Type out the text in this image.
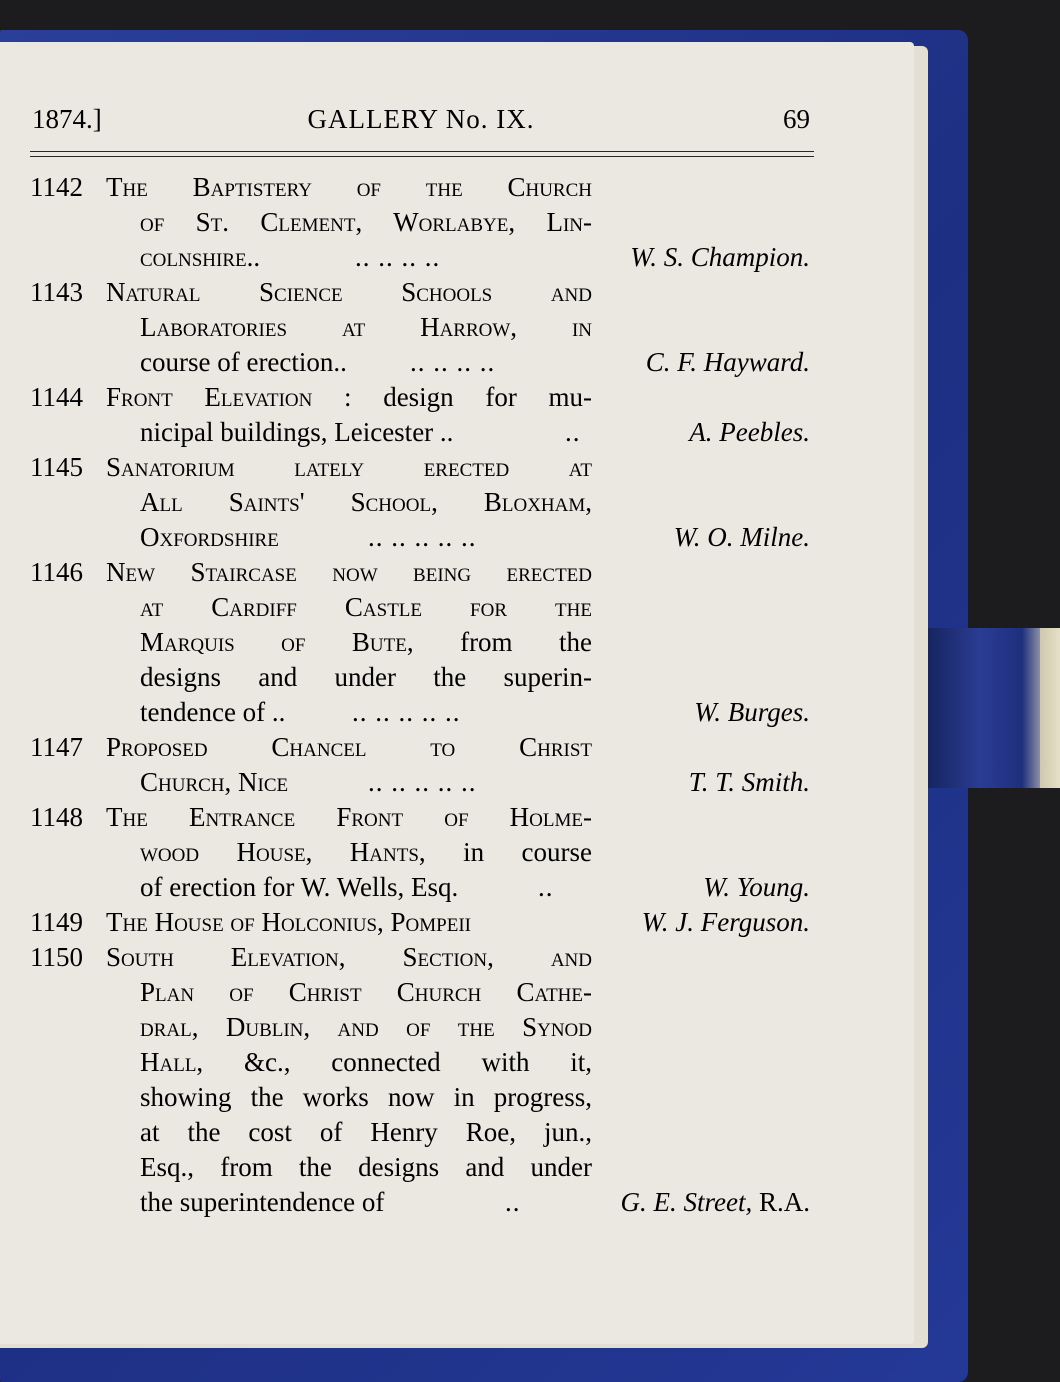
1874.]	GALLERY No. IX.	69
1142 The Baptistery of the Church
of St. Clement, Worlabye, Lin-
colnshire..	.. .. .. ..	W. S. Champion.
1143 Natural Science Schools and
Laboratories at Harrow, in
course of erection..	.. .. .. ..	C. F. Hayward.
1144 Front Elevation : design for mu-
nicipal buildings, Leicester ..	..	A. Peebles.
1145 Sanatorium lately erected at
All Saints' School, Bloxham,
Oxfordshire	.. .. .. .. ..	W. O. Milne.
1146 New Staircase now being erected
at Cardiff Castle for the
Marquis of Bute, from the
designs and under the superin-
tendence of ..	.. .. .. .. ..	W. Burges.
1147 Proposed Chancel to Christ
Church, Nice	.. .. .. .. ..	T. T. Smith.
1148 The Entrance Front of Holme-
wood House, Hants, in course
of erection for W. Wells, Esq.	..	W. Young.
1149 The House of Holconius, Pompeii	W. J. Ferguson.
1150 South Elevation, Section, and
Plan of Christ Church Cathe-
dral, Dublin, and of the Synod
Hall, &c., connected with it,
showing the works now in progress,
at the cost of Henry Roe, jun.,
Esq., from the designs and under
the superintendence of	..	G. E. Street, R.A.
